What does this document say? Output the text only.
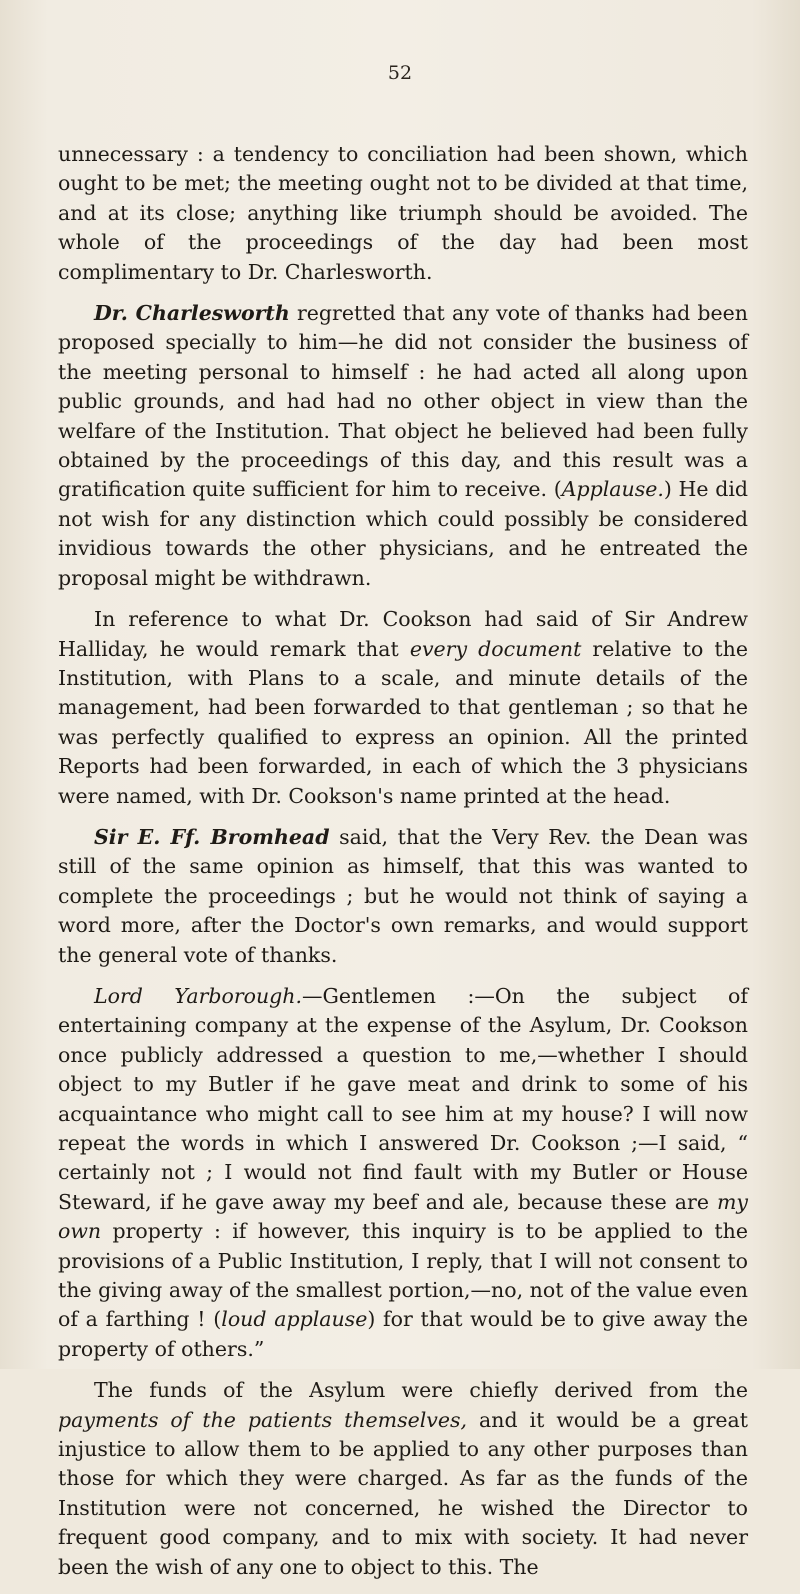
52

unnecessary : a tendency to conciliation had been shown, which ought to be met; the meeting ought not to be divided at that time, and at its close; anything like triumph should be avoided. The whole of the proceedings of the day had been most complimentary to Dr. Charlesworth.

Dr. Charlesworth regretted that any vote of thanks had been proposed specially to him—he did not consider the business of the meeting personal to himself : he had acted all along upon public grounds, and had had no other object in view than the welfare of the Institution. That object he believed had been fully obtained by the proceedings of this day, and this result was a gratification quite sufficient for him to receive. (Applause.) He did not wish for any distinction which could possibly be considered invidious towards the other physicians, and he entreated the proposal might be withdrawn.

In reference to what Dr. Cookson had said of Sir Andrew Halliday, he would remark that every document relative to the Institution, with Plans to a scale, and minute details of the management, had been forwarded to that gentleman ; so that he was perfectly qualified to express an opinion. All the printed Reports had been forwarded, in each of which the 3 physicians were named, with Dr. Cookson's name printed at the head.

Sir E. Ff. Bromhead said, that the Very Rev. the Dean was still of the same opinion as himself, that this was wanted to complete the proceedings ; but he would not think of saying a word more, after the Doctor's own remarks, and would support the general vote of thanks.

Lord Yarborough.—Gentlemen :—On the subject of entertaining company at the expense of the Asylum, Dr. Cookson once publicly addressed a question to me,—whether I should object to my Butler if he gave meat and drink to some of his acquaintance who might call to see him at my house? I will now repeat the words in which I answered Dr. Cookson ;—I said, “ certainly not ; I would not find fault with my Butler or House Steward, if he gave away my beef and ale, because these are my own property : if however, this inquiry is to be applied to the provisions of a Public Institution, I reply, that I will not consent to the giving away of the smallest portion,—no, not of the value even of a farthing ! (loud applause) for that would be to give away the property of others.”

The funds of the Asylum were chiefly derived from the payments of the patients themselves, and it would be a great injustice to allow them to be applied to any other purposes than those for which they were charged. As far as the funds of the Institution were not concerned, he wished the Director to frequent good company, and to mix with society. It had never been the wish of any one to object to this. The
